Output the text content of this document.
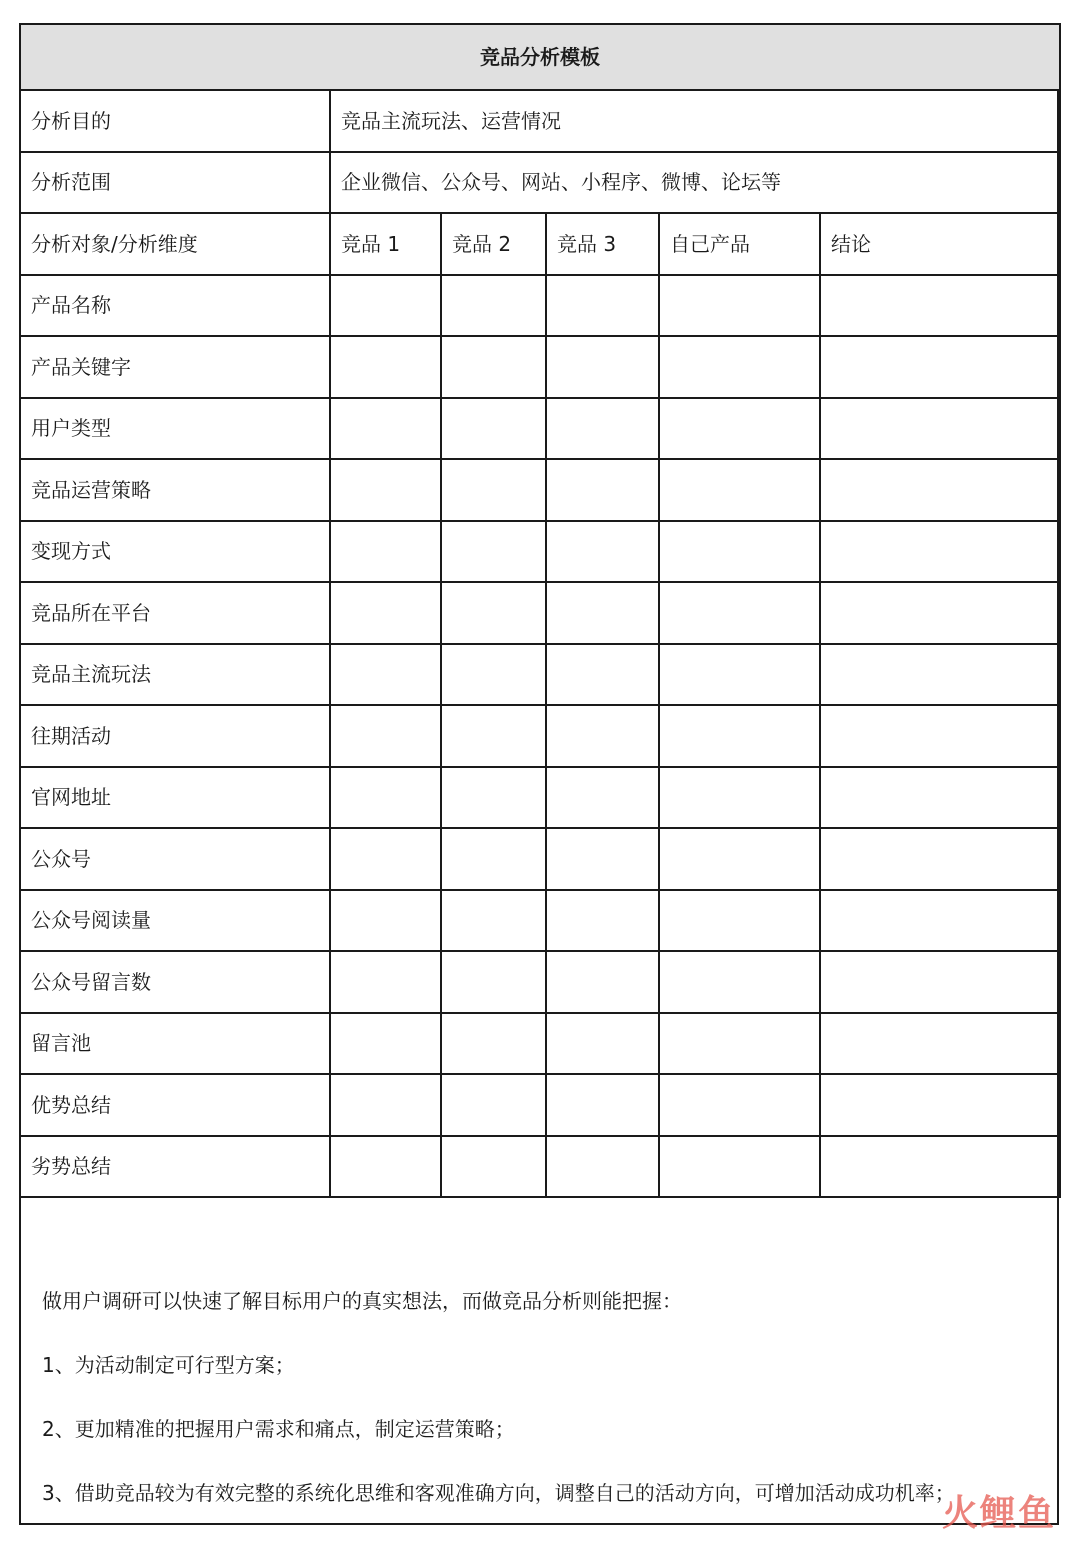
竞品分析模板					
分析目的	竞品主流玩法、运营情况				
分析范围	企业微信、公众号、网站、小程序、微博、论坛等				
分析对象/分析维度	竞品 1	竞品 2	竞品 3	自己产品	结论
产品名称					
产品关键字					
用户类型					
竞品运营策略					
变现方式					
竞品所在平台					
竞品主流玩法					
往期活动					
官网地址					
公众号					
公众号阅读量					
公众号留言数					
留言池					
优势总结					
劣势总结					
做用户调研可以快速了解目标用户的真实想法，而做竞品分析则能把握：
1、为活动制定可行型方案；
2、更加精准的把握用户需求和痛点，制定运营策略；
3、借助竞品较为有效完整的系统化思维和客观准确方向，调整自己的活动方向，可增加活动成功机率；
火鲤鱼
